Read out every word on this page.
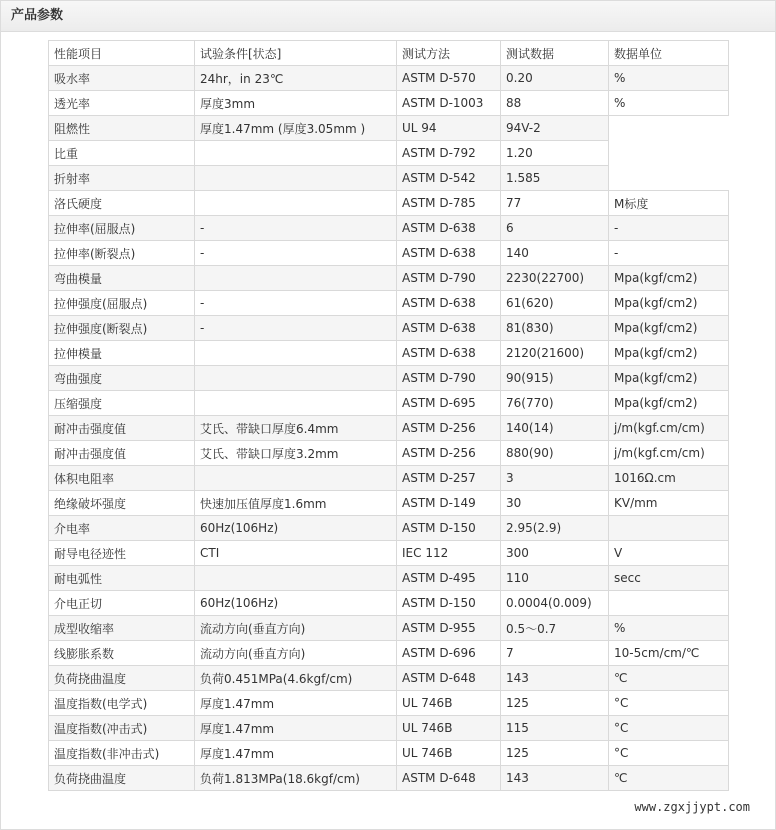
产品参数
性能项目	试验条件[状态]	测试方法	测试数据	数据单位
吸水率	24hr，in 23℃	ASTM D-570	0.20	%
透光率	厚度3mm	ASTM D-1003	88	%
阻燃性	厚度1.47mm (厚度3.05mm )	UL 94	94V-2	
比重		ASTM D-792	1.20	
折射率		ASTM D-542	1.585	
洛氏硬度		ASTM D-785	77	M标度
拉伸率(屈服点)	-	ASTM D-638	6	-
拉伸率(断裂点)	-	ASTM D-638	140	-
弯曲模量		ASTM D-790	2230(22700)	Mpa(kgf/cm2)
拉伸强度(屈服点)	-	ASTM D-638	61(620)	Mpa(kgf/cm2)
拉伸强度(断裂点)	-	ASTM D-638	81(830)	Mpa(kgf/cm2)
拉伸模量		ASTM D-638	2120(21600)	Mpa(kgf/cm2)
弯曲强度		ASTM D-790	90(915)	Mpa(kgf/cm2)
压缩强度		ASTM D-695	76(770)	Mpa(kgf/cm2)
耐冲击强度值	艾氏、带缺口厚度6.4mm	ASTM D-256	140(14)	j/m(kgf.cm/cm)
耐冲击强度值	艾氏、带缺口厚度3.2mm	ASTM D-256	880(90)	j/m(kgf.cm/cm)
体积电阻率		ASTM D-257	3	1016Ω.cm
绝缘破坏强度	快速加压值厚度1.6mm	ASTM D-149	30	KV/mm
介电率	60Hz(106Hz)	ASTM D-150	2.95(2.9)	
耐导电径迹性	CTI	IEC 112	300	V
耐电弧性		ASTM D-495	110	secc
介电正切	60Hz(106Hz)	ASTM D-150	0.0004(0.009)	
成型收缩率	流动方向(垂直方向)	ASTM D-955	0.5～0.7	%
线膨胀系数	流动方向(垂直方向)	ASTM D-696	7	10-5cm/cm/℃
负荷挠曲温度	负荷0.451MPa(4.6kgf/cm)	ASTM D-648	143	℃
温度指数(电学式)	厚度1.47mm	UL 746B	125	°C
温度指数(冲击式)	厚度1.47mm	UL 746B	115	°C
温度指数(非冲击式)	厚度1.47mm	UL 746B	125	°C
负荷挠曲温度	负荷1.813MPa(18.6kgf/cm)	ASTM D-648	143	℃
www.zgxjjypt.com
